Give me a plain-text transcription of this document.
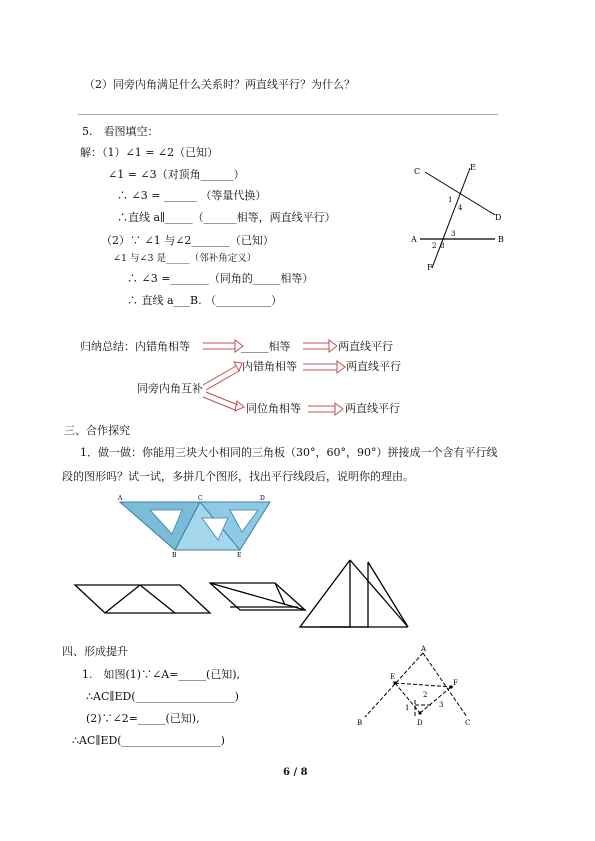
（2）同旁内角满足什么关系时？两直线平行？为什么？
5.　看图填空：
解：（1）∠1 = ∠2（已知）
∠1 = ∠3（对顶角______）
∴ ∠3 = ______ （等量代换）
∴直线 a∥_____（______相等，两直线平行）
（2）∵ ∠1 与∠2_______（已知）
∠1 与∠3 是_____（邻补角定义）
∴ ∠3 =_______（同角的_____相等）
∴ 直线 a___B. （__________）
C	E
D
A	B
F
1
4
3
2 8
归纳总结：内错角相等	_____相等	两直线平行
同旁内角互补
内错角相等	两直线平行
同位角相等	两直线平行
三、合作探究
1．做一做：你能用三块大小相同的三角板（30°，60°，90°）拼接成一个含有平行线
段的图形吗？试一试，多拼几个图形，找出平行线段后，说明你的理由。
A	C	D
B	E
四、形成提升
1.　如图(1)∵∠A=_____(已知),
∴AC∥ED(__________________)
(2)∵∠2=_____(已知),
∴AC∥ED(__________________)
A
E
F
B	D	C
1
2
3
6 / 8
